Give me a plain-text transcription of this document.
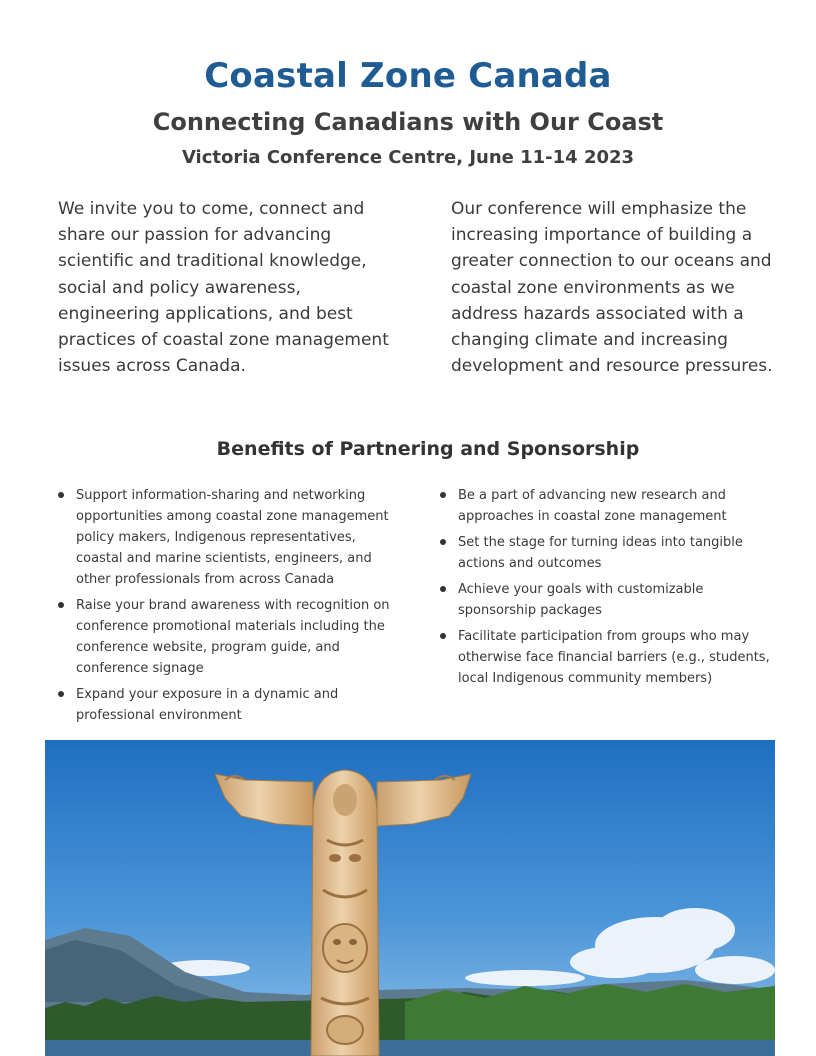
Coastal Zone Canada
Connecting Canadians with Our Coast
Victoria Conference Centre, June 11-14 2023

We invite you to come, connect and share our passion for advancing scientific and traditional knowledge, social and policy awareness, engineering applications, and best practices of coastal zone management issues across Canada.

Our conference will emphasize the increasing importance of building a greater connection to our oceans and coastal zone environments as we address hazards associated with a changing climate and increasing development and resource pressures.

Benefits of Partnering and Sponsorship
Support information-sharing and networking opportunities among coastal zone management policy makers, Indigenous representatives, coastal and marine scientists, engineers, and other professionals from across Canada
Raise your brand awareness with recognition on conference promotional materials including the conference website, program guide, and conference signage
Expand your exposure in a dynamic and professional environment
Be a part of advancing new research and approaches in coastal zone management
Set the stage for turning ideas into tangible actions and outcomes
Achieve your goals with customizable sponsorship packages
Facilitate participation from groups who may otherwise face financial barriers (e.g., students, local Indigenous community members)
